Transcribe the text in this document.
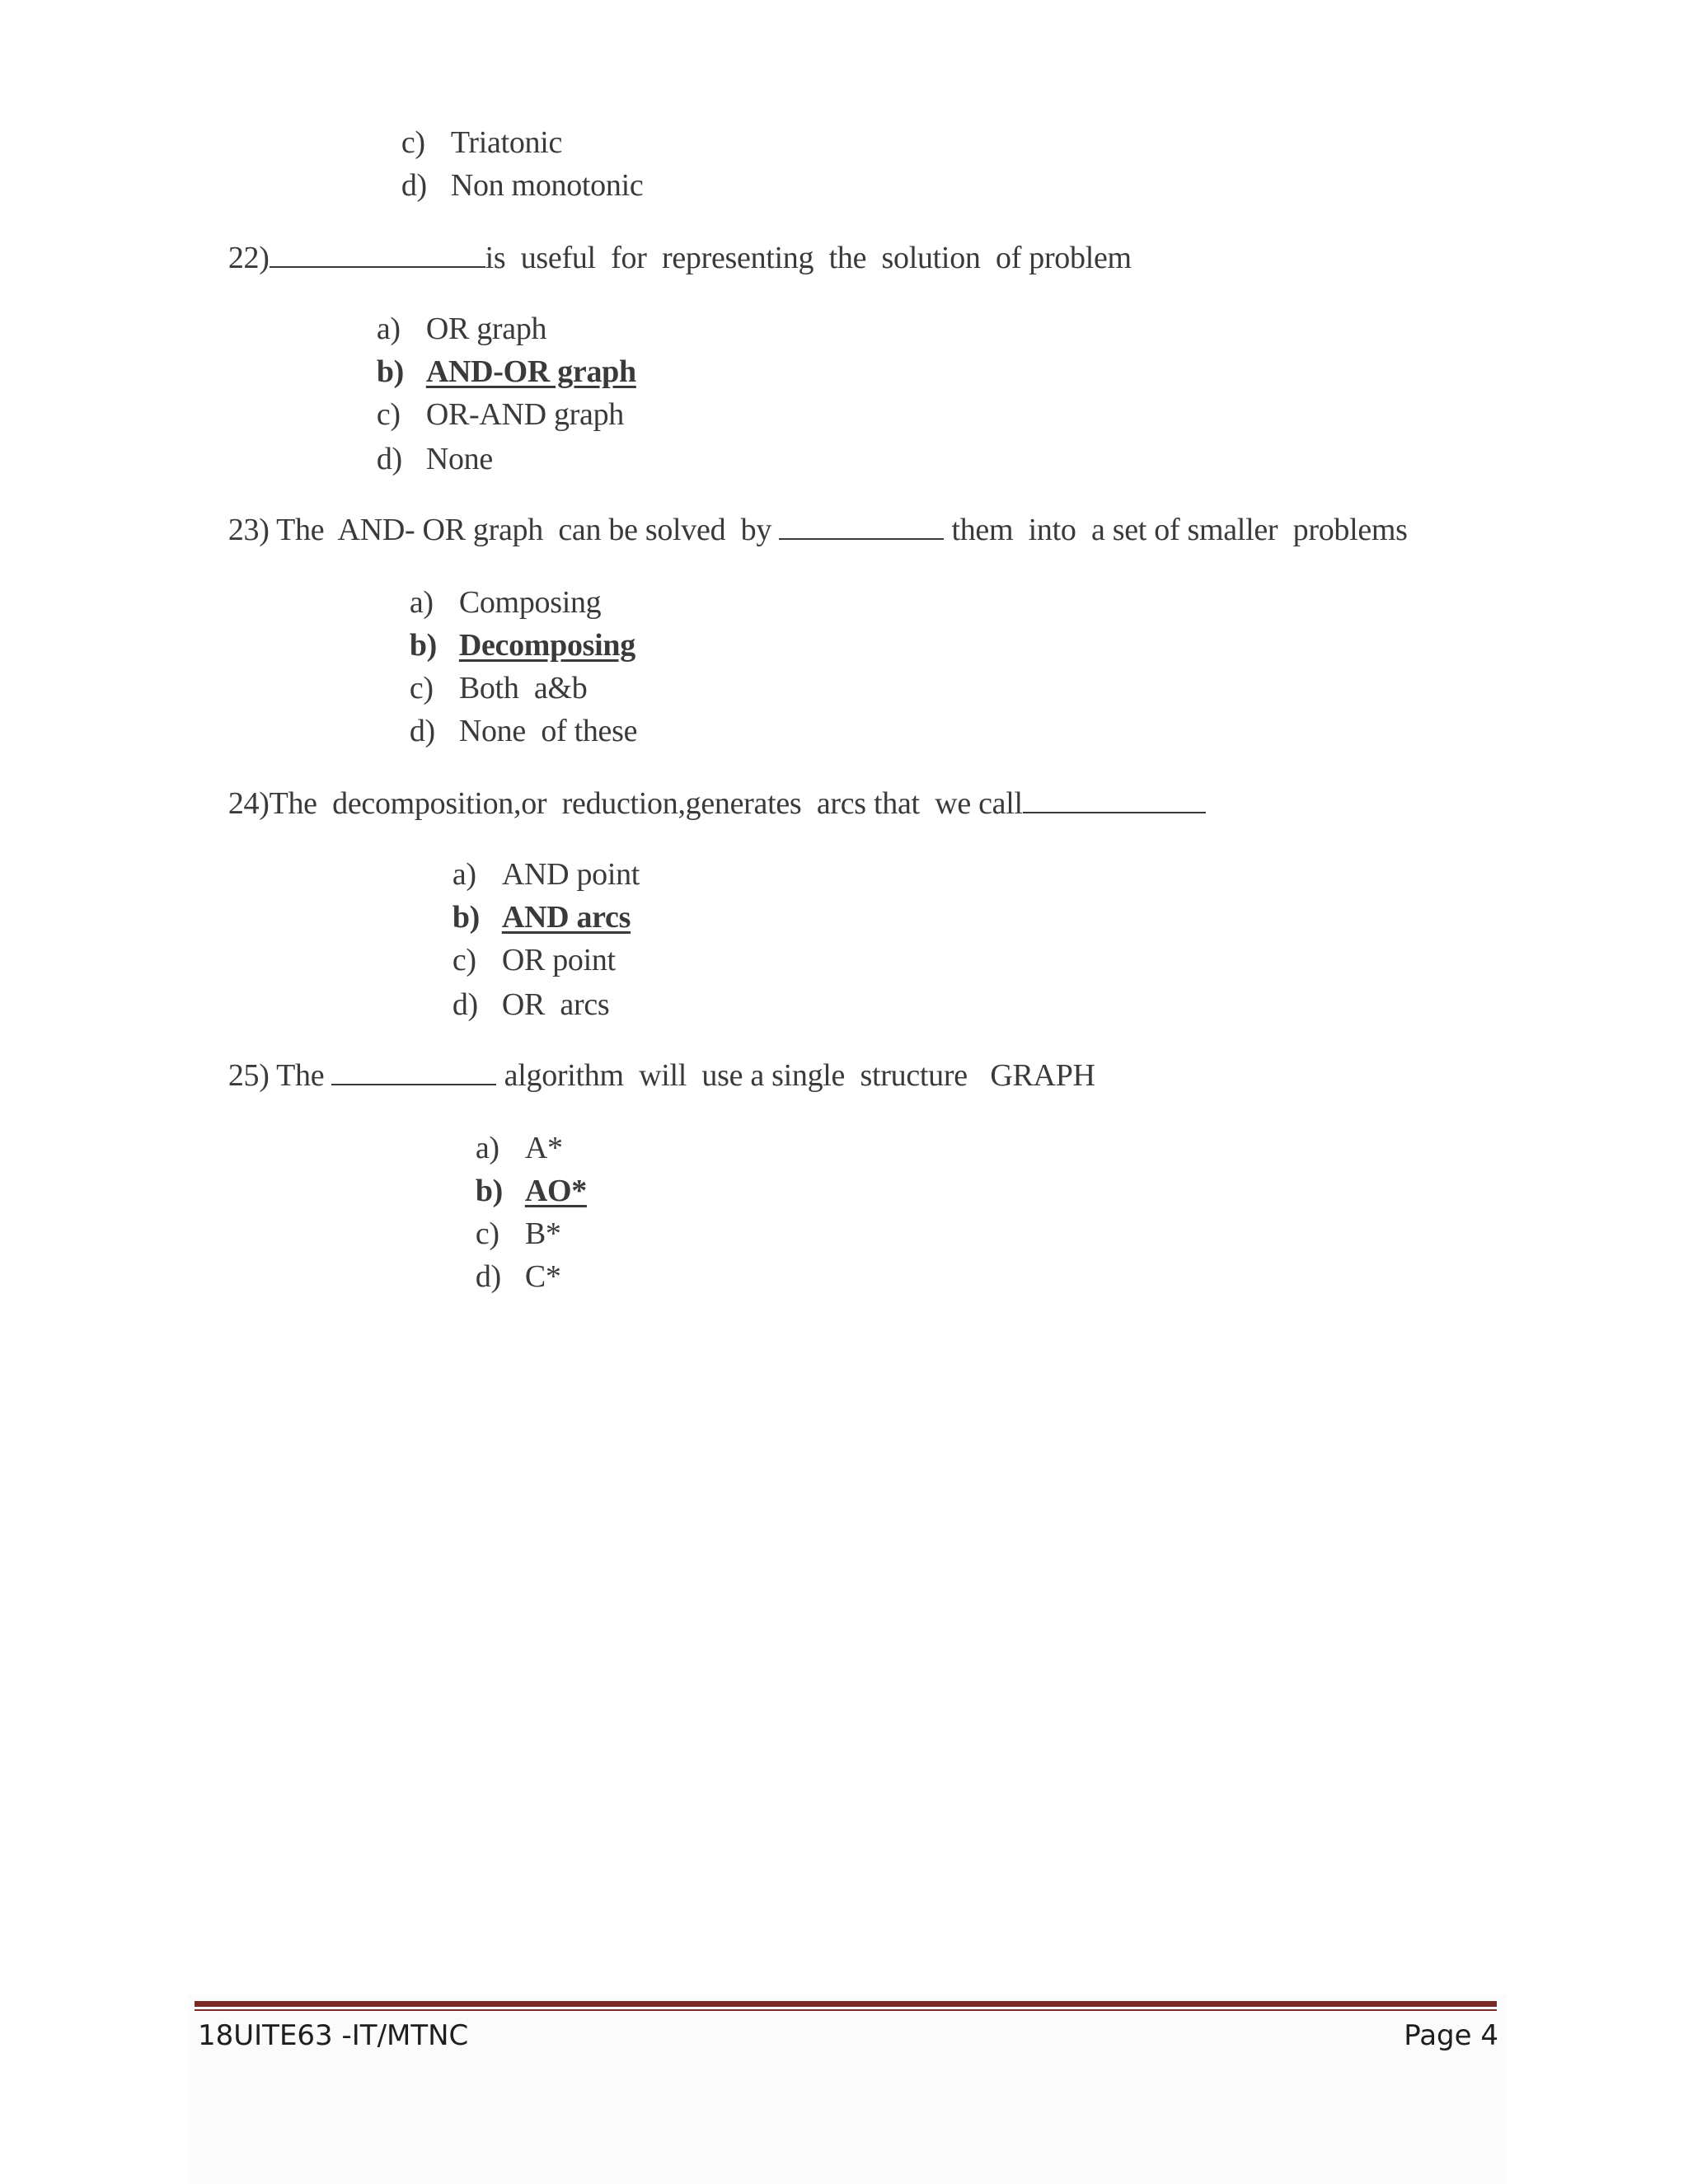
c) Triatonic

d) Non monotonic

22)	is  useful  for  representing  the  solution  of problem

a) OR graph

b) AND-OR graph

c) OR-AND graph

d) None

23) The  AND- OR graph  can be solved  by	them  into  a set of smaller  problems

a) Composing

b) Decomposing

c) Both  a&b

d) None  of these

24)The  decomposition,or  reduction,generates  arcs that  we call

a) AND point

b) AND arcs

c) OR point

d) OR  arcs

25) The	algorithm  will  use a single  structure   GRAPH

a) A*

b) AO*

c) B*

d) C*

18UITE63 -IT/MTNC	Page 4
